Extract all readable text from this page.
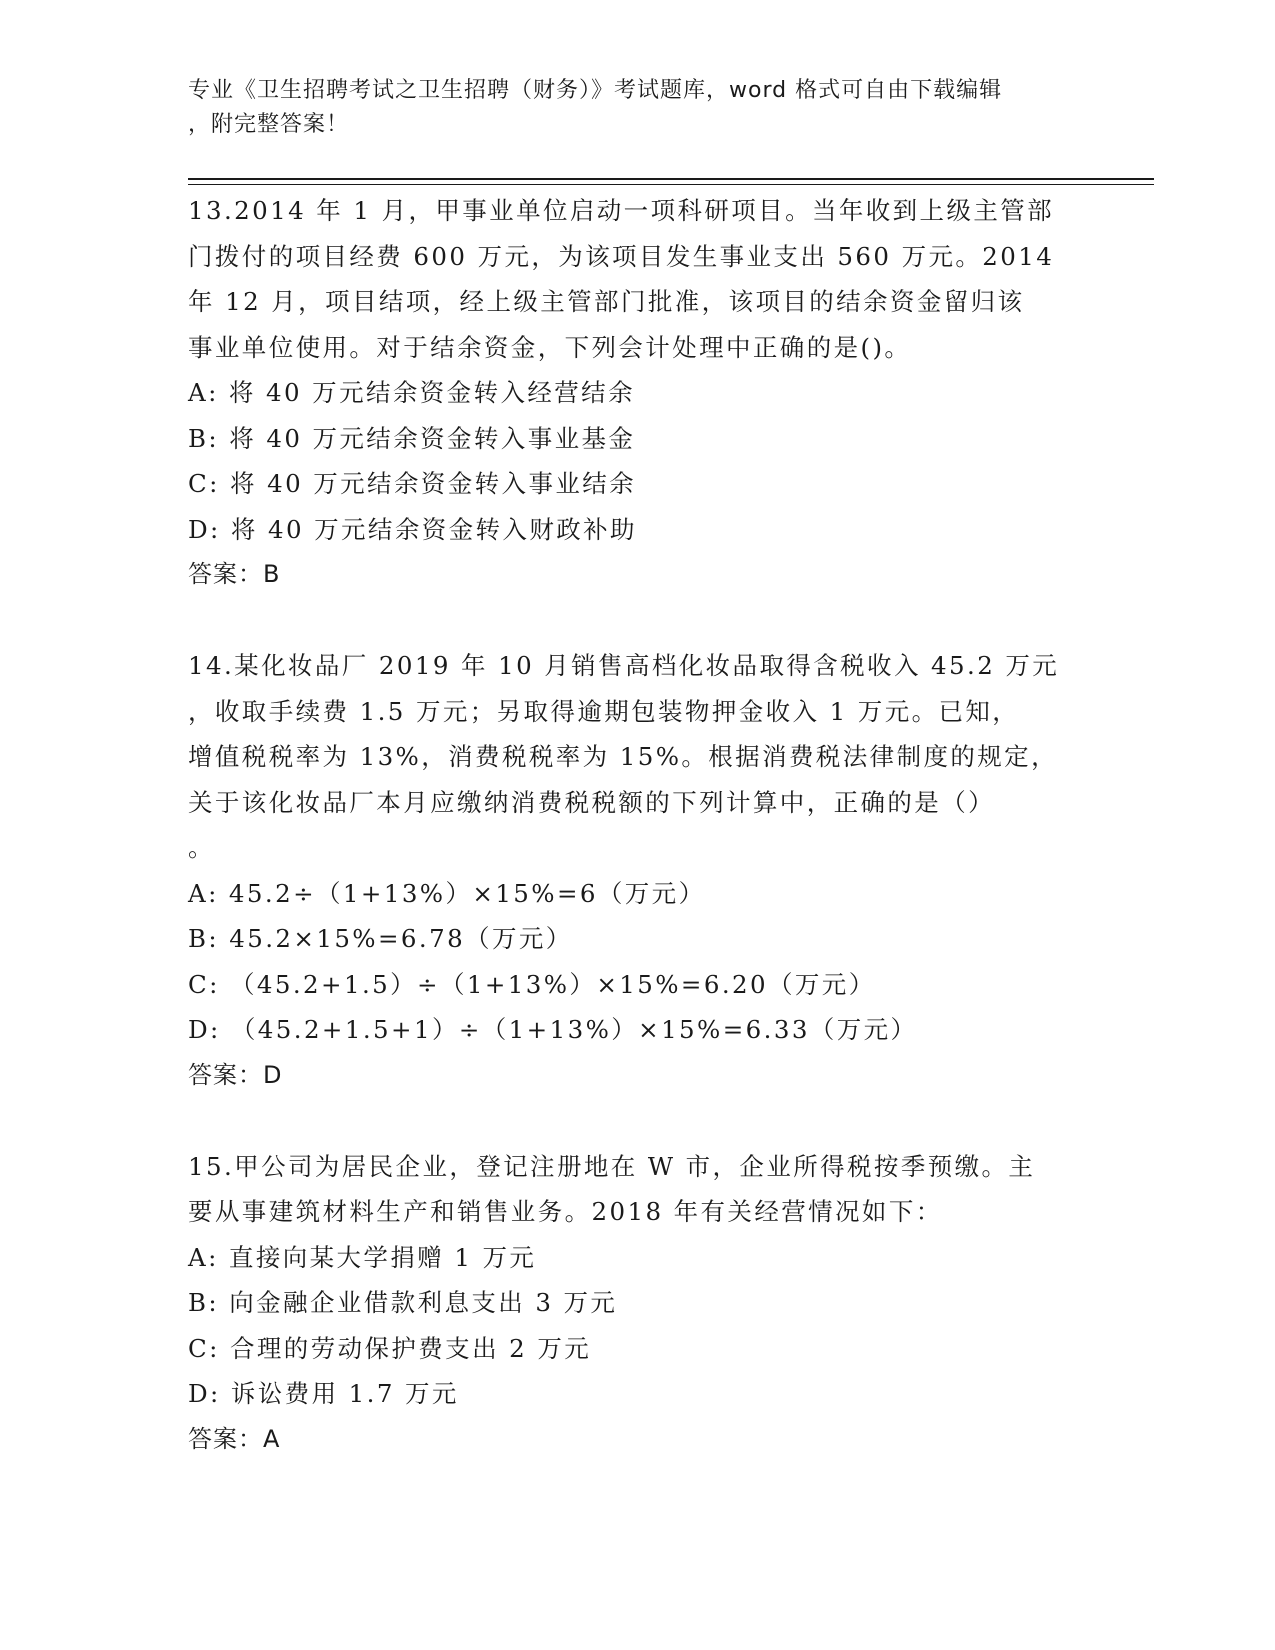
专业《卫生招聘考试之卫生招聘（财务）》考试题库，word 格式可自由下载编辑
，附完整答案！
13.2014 年 1 月，甲事业单位启动一项科研项目。当年收到上级主管部
门拨付的项目经费 600 万元，为该项目发生事业支出 560 万元。2014
年 12 月，项目结项，经上级主管部门批准，该项目的结余资金留归该
事业单位使用。对于结余资金，下列会计处理中正确的是()。
A: 将 40 万元结余资金转入经营结余
B: 将 40 万元结余资金转入事业基金
C: 将 40 万元结余资金转入事业结余
D: 将 40 万元结余资金转入财政补助
答案：B
14.某化妆品厂 2019 年 10 月销售高档化妆品取得含税收入 45.2 万元
，收取手续费 1.5 万元；另取得逾期包装物押金收入 1 万元。已知，
增值税税率为 13%，消费税税率为 15%。根据消费税法律制度的规定，
关于该化妆品厂本月应缴纳消费税税额的下列计算中，正确的是（）
。
A: 45.2÷（1+13%）×15%=6（万元）
B: 45.2×15%=6.78（万元）
C: （45.2+1.5）÷（1+13%）×15%=6.20（万元）
D: （45.2+1.5+1）÷（1+13%）×15%=6.33（万元）
答案：D
15.甲公司为居民企业，登记注册地在 W 市，企业所得税按季预缴。主
要从事建筑材料生产和销售业务。2018 年有关经营情况如下：
A: 直接向某大学捐赠 1 万元
B: 向金融企业借款利息支出 3 万元
C: 合理的劳动保护费支出 2 万元
D: 诉讼费用 1.7 万元
答案：A
